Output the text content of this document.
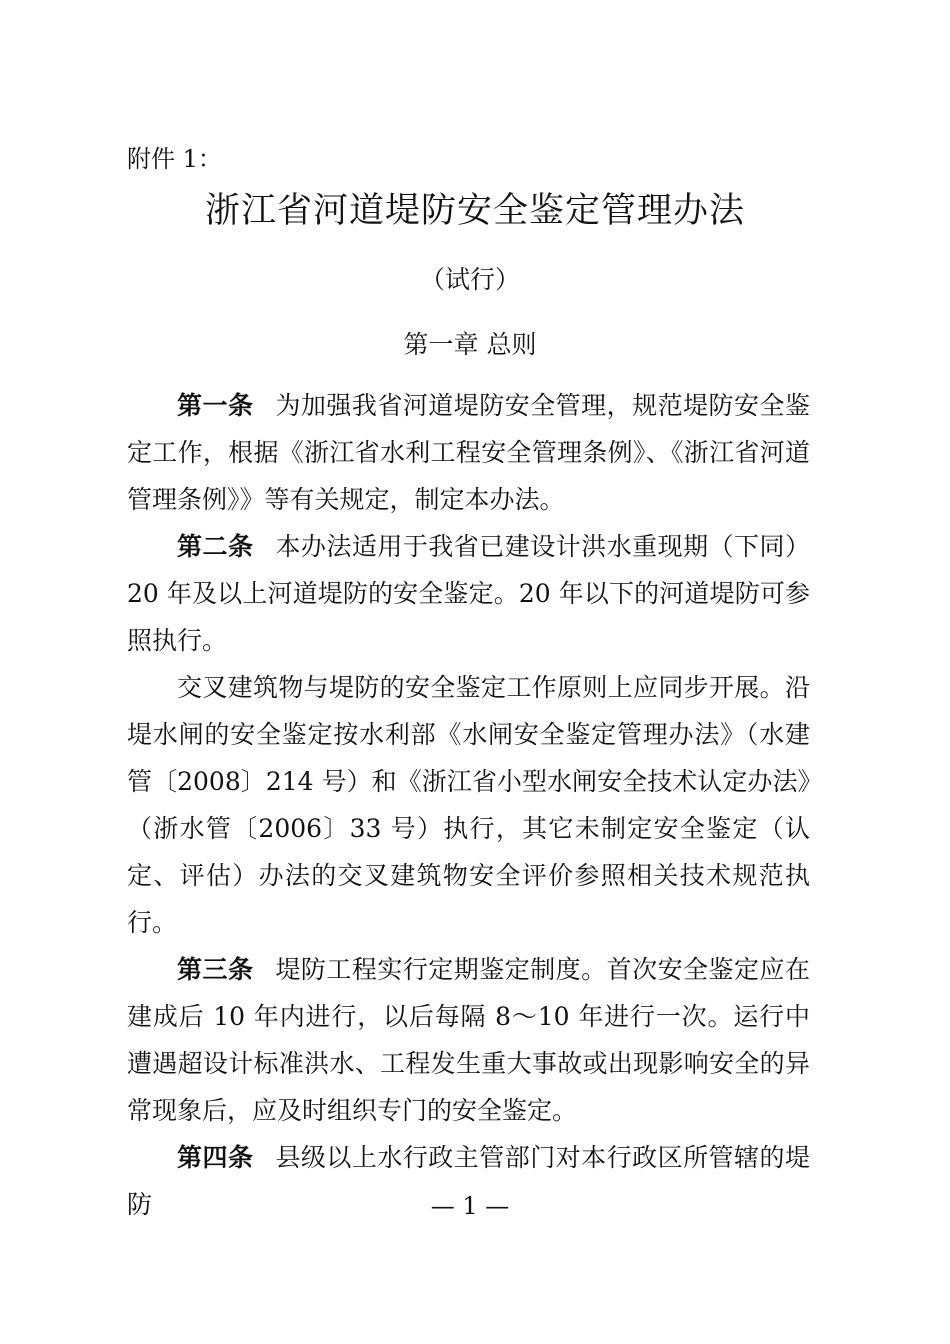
附件 1：
浙江省河道堤防安全鉴定管理办法
（试行）
第一章 总则

第一条 为加强我省河道堤防安全管理，规范堤防安全鉴定工作，根据《浙江省水利工程安全管理条例》、《浙江省河道管理条例》》等有关规定，制定本办法。

第二条 本办法适用于我省已建设计洪水重现期（下同）20 年及以上河道堤防的安全鉴定。20 年以下的河道堤防可参照执行。

交叉建筑物与堤防的安全鉴定工作原则上应同步开展。沿堤水闸的安全鉴定按水利部《水闸安全鉴定管理办法》（水建管〔2008〕214 号）和《浙江省小型水闸安全技术认定办法》（浙水管〔2006〕33 号）执行，其它未制定安全鉴定（认定、评估）办法的交叉建筑物安全评价参照相关技术规范执行。

第三条 堤防工程实行定期鉴定制度。首次安全鉴定应在建成后 10 年内进行，以后每隔 8～10 年进行一次。运行中遭遇超设计标准洪水、工程发生重大事故或出现影响安全的异常现象后，应及时组织专门的安全鉴定。

第四条 县级以上水行政主管部门对本行政区所管辖的堤防	— 1 —
